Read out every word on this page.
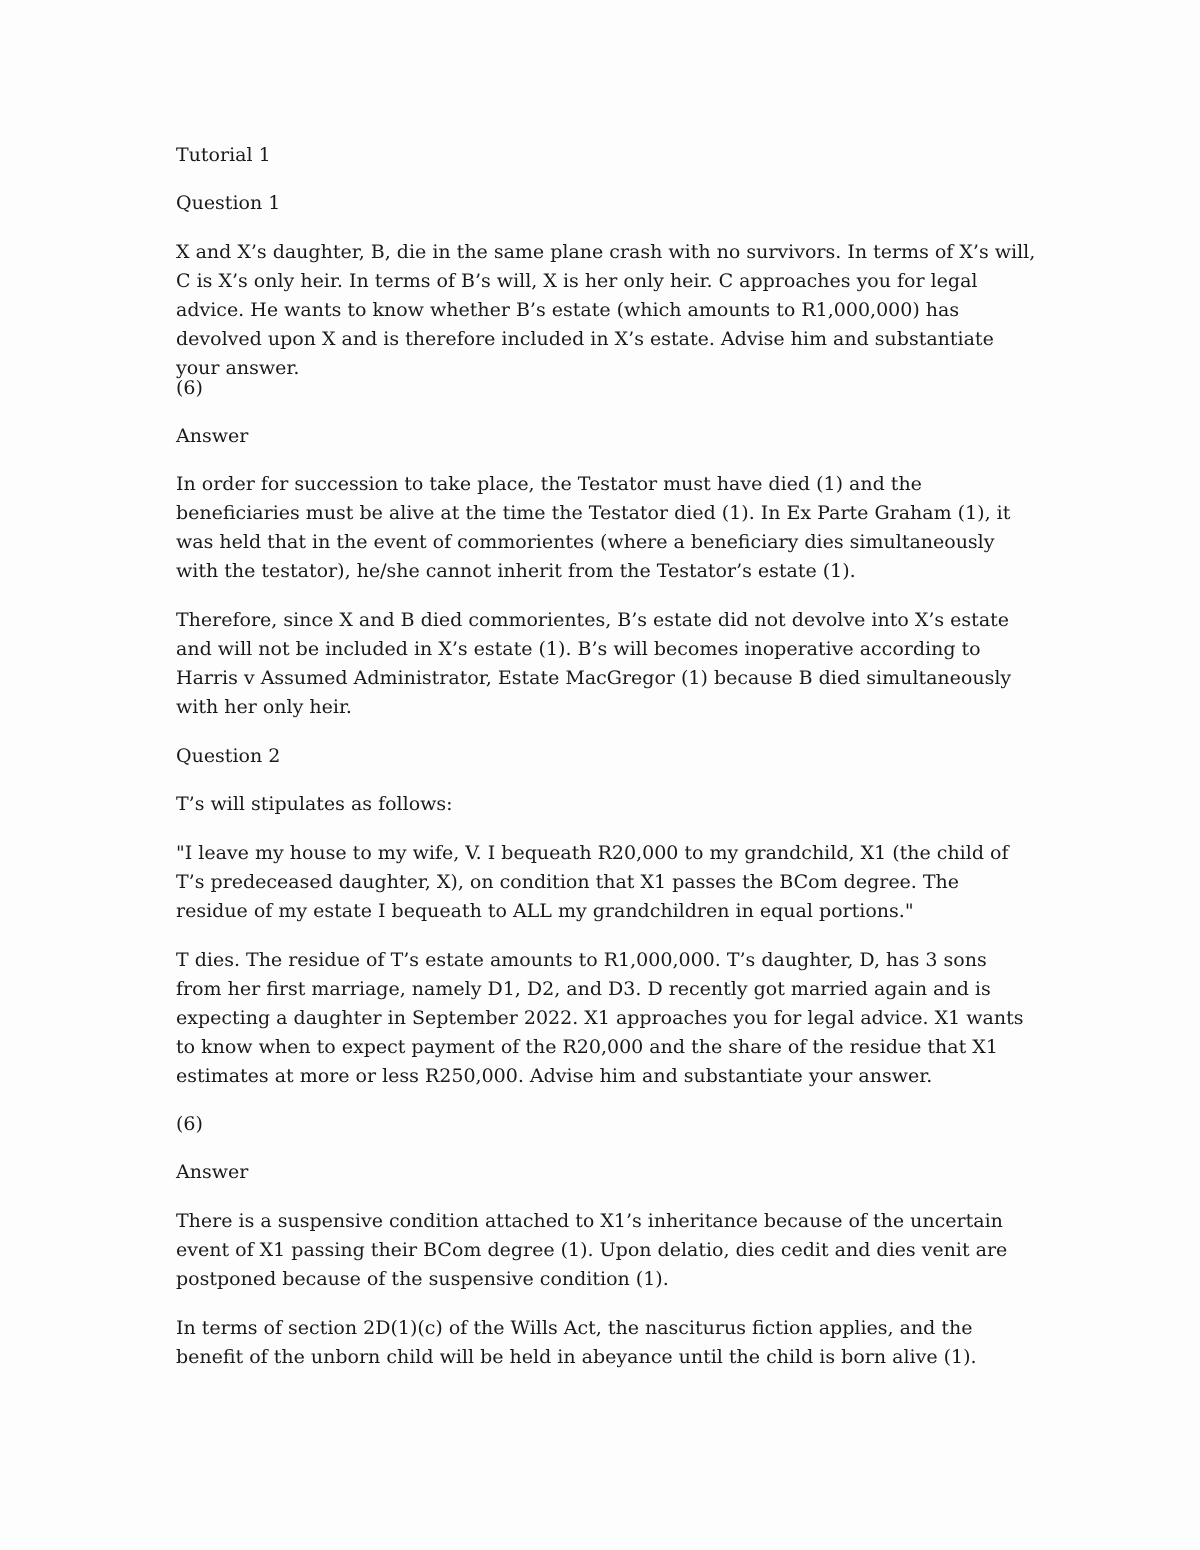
Tutorial 1
Question 1

X and X’s daughter, B, die in the same plane crash with no survivors. In terms of X’s will, C is X’s only heir. In terms of B’s will, X is her only heir. C approaches you for legal advice. He wants to know whether B’s estate (which amounts to R1,000,000) has devolved upon X and is therefore included in X’s estate. Advise him and substantiate your answer.

(6)

Answer

In order for succession to take place, the Testator must have died (1) and the beneficiaries must be alive at the time the Testator died (1). In Ex Parte Graham (1), it was held that in the event of commorientes (where a beneficiary dies simultaneously with the testator), he/she cannot inherit from the Testator’s estate (1).

Therefore, since X and B died commorientes, B’s estate did not devolve into X’s estate and will not be included in X’s estate (1). B’s will becomes inoperative according to Harris v Assumed Administrator, Estate MacGregor (1) because B died simultaneously with her only heir.

Question 2

T’s will stipulates as follows:

"I leave my house to my wife, V. I bequeath R20,000 to my grandchild, X1 (the child of T’s predeceased daughter, X), on condition that X1 passes the BCom degree. The residue of my estate I bequeath to ALL my grandchildren in equal portions."

T dies. The residue of T’s estate amounts to R1,000,000. T’s daughter, D, has 3 sons from her first marriage, namely D1, D2, and D3. D recently got married again and is expecting a daughter in September 2022. X1 approaches you for legal advice. X1 wants to know when to expect payment of the R20,000 and the share of the residue that X1 estimates at more or less R250,000. Advise him and substantiate your answer.

(6)

Answer

There is a suspensive condition attached to X1’s inheritance because of the uncertain event of X1 passing their BCom degree (1). Upon delatio, dies cedit and dies venit are postponed because of the suspensive condition (1).

In terms of section 2D(1)(c) of the Wills Act, the nasciturus fiction applies, and the benefit of the unborn child will be held in abeyance until the child is born alive (1).
